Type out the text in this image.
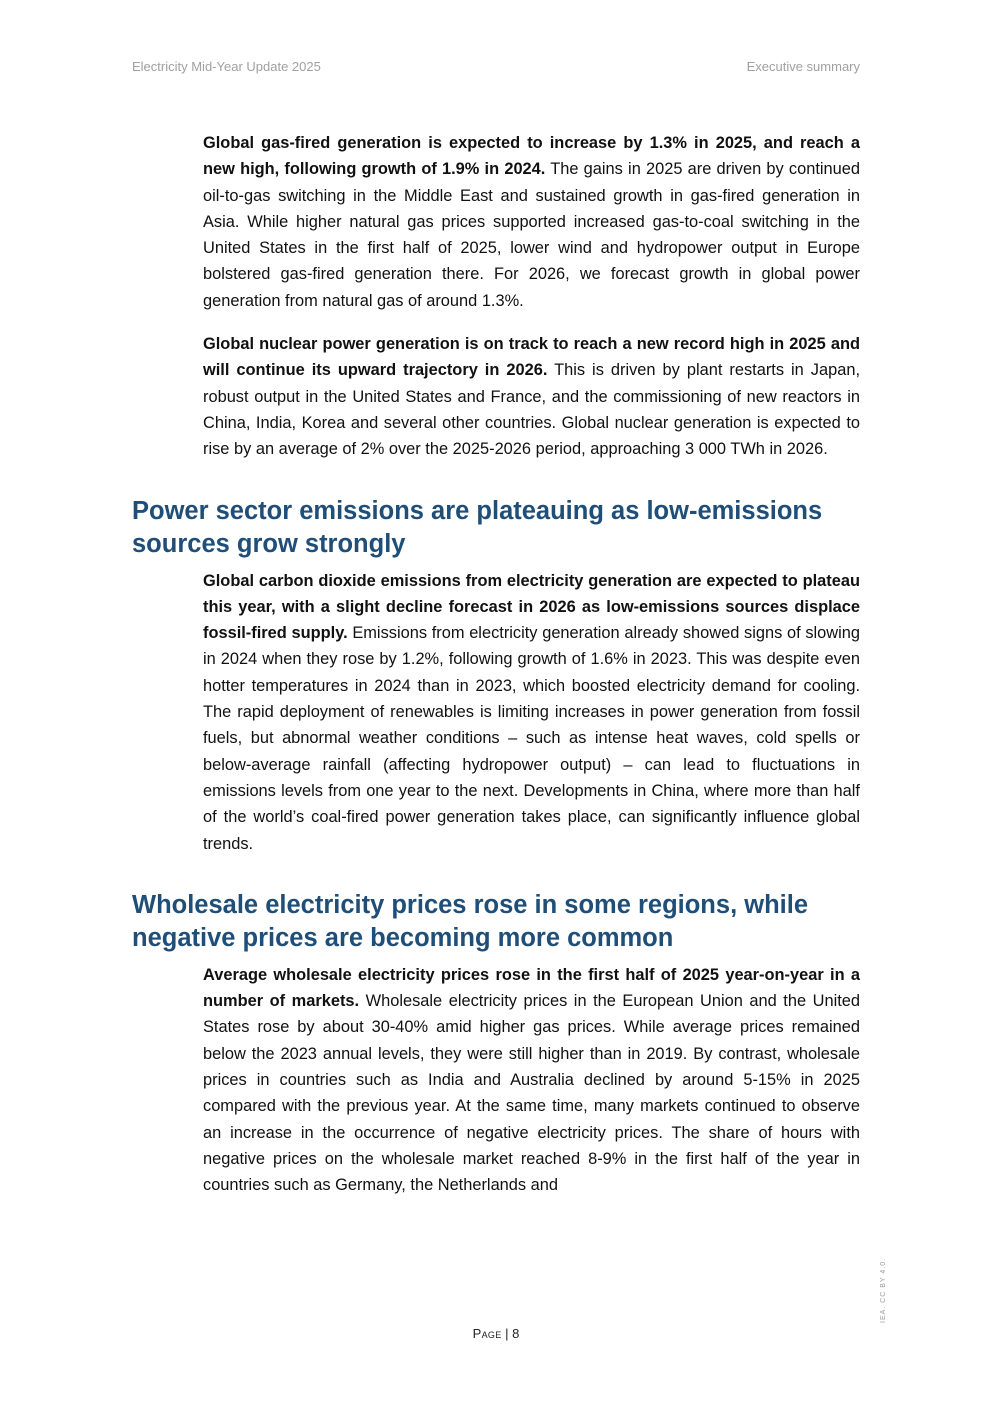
Electricity Mid-Year Update 2025	Executive summary

Global gas-fired generation is expected to increase by 1.3% in 2025, and reach a new high, following growth of 1.9% in 2024. The gains in 2025 are driven by continued oil-to-gas switching in the Middle East and sustained growth in gas-fired generation in Asia. While higher natural gas prices supported increased gas-to-coal switching in the United States in the first half of 2025, lower wind and hydropower output in Europe bolstered gas-fired generation there. For 2026, we forecast growth in global power generation from natural gas of around 1.3%.

Global nuclear power generation is on track to reach a new record high in 2025 and will continue its upward trajectory in 2026. This is driven by plant restarts in Japan, robust output in the United States and France, and the commissioning of new reactors in China, India, Korea and several other countries. Global nuclear generation is expected to rise by an average of 2% over the 2025-2026 period, approaching 3 000 TWh in 2026.

Power sector emissions are plateauing as low-emissions sources grow strongly

Global carbon dioxide emissions from electricity generation are expected to plateau this year, with a slight decline forecast in 2026 as low-emissions sources displace fossil-fired supply. Emissions from electricity generation already showed signs of slowing in 2024 when they rose by 1.2%, following growth of 1.6% in 2023. This was despite even hotter temperatures in 2024 than in 2023, which boosted electricity demand for cooling. The rapid deployment of renewables is limiting increases in power generation from fossil fuels, but abnormal weather conditions – such as intense heat waves, cold spells or below-average rainfall (affecting hydropower output) – can lead to fluctuations in emissions levels from one year to the next. Developments in China, where more than half of the world’s coal-fired power generation takes place, can significantly influence global trends.

Wholesale electricity prices rose in some regions, while negative prices are becoming more common

Average wholesale electricity prices rose in the first half of 2025 year-on-year in a number of markets. Wholesale electricity prices in the European Union and the United States rose by about 30-40% amid higher gas prices. While average prices remained below the 2023 annual levels, they were still higher than in 2019. By contrast, wholesale prices in countries such as India and Australia declined by around 5-15% in 2025 compared with the previous year. At the same time, many markets continued to observe an increase in the occurrence of negative electricity prices. The share of hours with negative prices on the wholesale market reached 8-9% in the first half of the year in countries such as Germany, the Netherlands and

Page | 8
IEA. CC BY 4.0.
